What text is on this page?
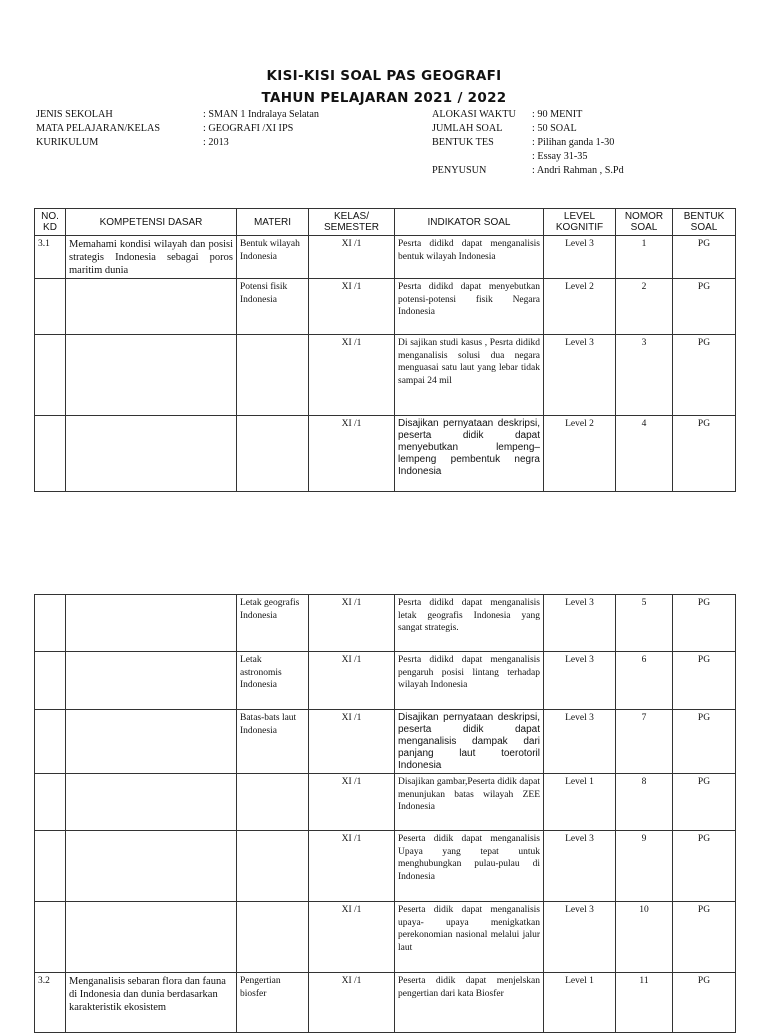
KISI-KISI SOAL PAS GEOGRAFI
TAHUN PELAJARAN 2021 / 2022
JENIS SEKOLAH	: SMAN 1 Indralaya Selatan
MATA PELAJARAN/KELAS	: GEOGRAFI /XI IPS
KURIKULUM	: 2013
ALOKASI WAKTU : 90 MENIT
JUMLAH SOAL	: 50 SOAL
BENTUK TES	: Pilihan ganda 1-30
: Essay 31-35
PENYUSUN	: Andri Rahman , S.Pd
NO. KD	KOMPETENSI DASAR	MATERI	KELAS/ SEMESTER	INDIKATOR SOAL	LEVEL KOGNITIF	NOMOR SOAL	BENTUK SOAL
3.1	Memahami kondisi wilayah dan posisi strategis Indonesia sebagai poros maritim dunia	Bentuk wilayah Indonesia	XI /1	Pesrta didikd dapat menganalisis bentuk wilayah Indonesia	Level 3	1	PG
		Potensi fisik Indonesia	XI /1	Pesrta didikd dapat menyebutkan potensi-potensi fisik Negara Indonesia	Level 2	2	PG
			XI /1	Di sajikan studi kasus , Pesrta didikd menganalisis solusi dua negara menguasai satu laut yang lebar tidak sampai 24 mil	Level 3	3	PG
			XI /1	Disajikan pernyataan deskripsi, peserta didik dapat menyebutkan lempeng–lempeng pembentuk negra Indonesia	Level 2	4	PG
		Letak geografis Indonesia	XI /1	Pesrta didikd dapat menganalisis letak geografis Indonesia yang sangat strategis.	Level 3	5	PG
		Letak astronomis Indonesia	XI /1	Pesrta didikd dapat menganalisis pengaruh posisi lintang terhadap wilayah Indonesia	Level 3	6	PG
		Batas-bats laut Indonesia	XI /1	Disajikan pernyataan deskripsi, peserta didik dapat menganalisis dampak dari panjang laut toerotoril Indonesia	Level 3	7	PG
			XI /1	Disajikan gambar,Peserta didik dapat menunjukan batas wilayah ZEE Indonesia	Level 1	8	PG
			XI /1	Peserta didik dapat menganalisis Upaya yang tepat untuk menghubungkan pulau-pulau di Indonesia	Level 3	9	PG
			XI /1	Peserta didik dapat menganalisis upaya- upaya menigkatkan perekonomian nasional melalui jalur laut	Level 3	10	PG
3.2	Menganalisis sebaran flora dan fauna di Indonesia dan dunia berdasarkan karakteristik ekosistem	Pengertian biosfer	XI /1	Peserta didik dapat menjelskan pengertian dari kata Biosfer	Level 1	11	PG
